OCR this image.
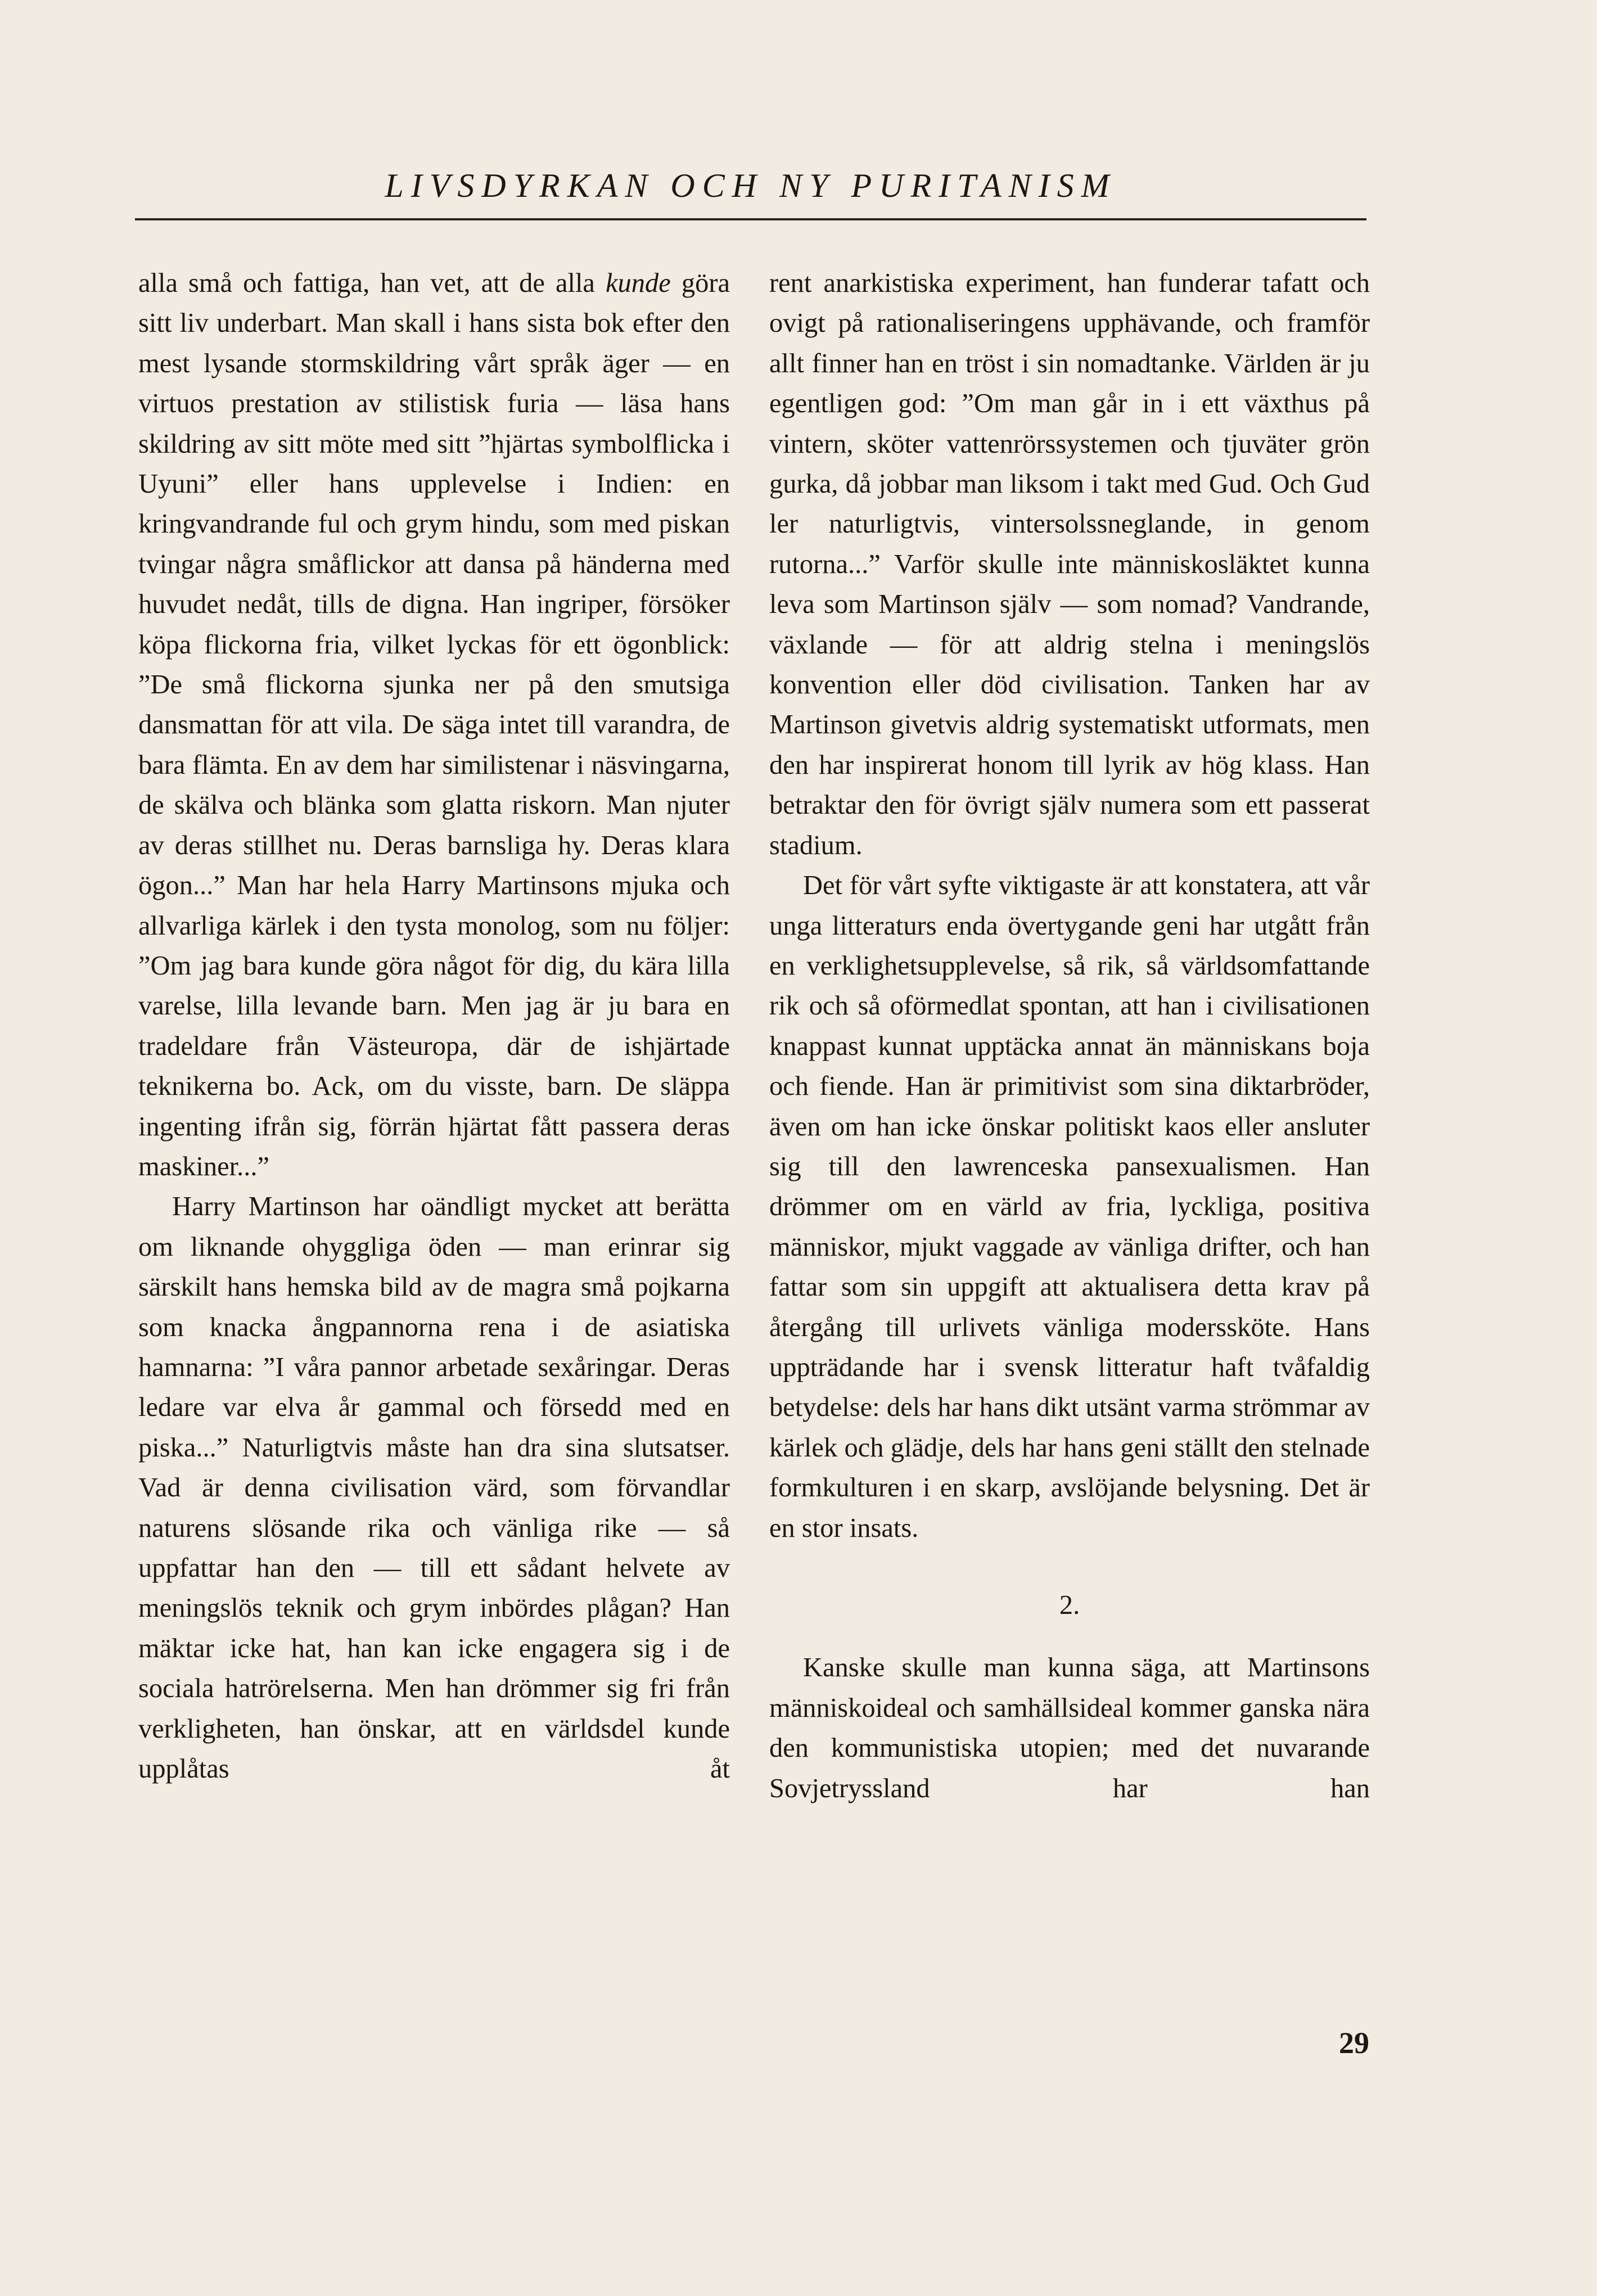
LIVSDYRKAN OCH NY PURITANISM

alla små och fattiga, han vet, att de alla kunde göra sitt liv underbart. Man skall i hans sista bok efter den mest lysande stormskildring vårt språk äger — en virtuos prestation av stilistisk furia — läsa hans skildring av sitt möte med sitt ”hjärtas symbolflicka i Uyuni” eller hans upplevelse i Indien: en kringvandrande ful och grym hindu, som med piskan tvingar några småflickor att dansa på händerna med huvudet nedåt, tills de digna. Han ingriper, försöker köpa flickorna fria, vilket lyckas för ett ögonblick: ”De små flickorna sjunka ner på den smutsiga dansmattan för att vila. De säga intet till varandra, de bara flämta. En av dem har similistenar i näsvingarna, de skälva och blänka som glatta riskorn. Man njuter av deras stillhet nu. Deras barnsliga hy. Deras klara ögon...” Man har hela Harry Martinsons mjuka och allvarliga kärlek i den tysta monolog, som nu följer: ”Om jag bara kunde göra något för dig, du kära lilla varelse, lilla levande barn. Men jag är ju bara en tradeldare från Västeuropa, där de ishjärtade teknikerna bo. Ack, om du visste, barn. De släppa ingenting ifrån sig, förrän hjärtat fått passera deras maskiner...”

Harry Martinson har oändligt mycket att berätta om liknande ohyggliga öden — man erinrar sig särskilt hans hemska bild av de magra små pojkarna som knacka ångpannorna rena i de asiatiska hamnarna: ”I våra pannor arbetade sexåringar. Deras ledare var elva år gammal och försedd med en piska...” Naturligtvis måste han dra sina slutsatser. Vad är denna civilisation värd, som förvandlar naturens slösande rika och vänliga rike — så uppfattar han den — till ett sådant helvete av meningslös teknik och grym inbördes plågan? Han mäktar icke hat, han kan icke engagera sig i de sociala hatrörelserna. Men han drömmer sig fri från verkligheten, han önskar, att en världsdel kunde upplåtas åt

rent anarkistiska experiment, han funderar tafatt och ovigt på rationaliseringens upphävande, och framför allt finner han en tröst i sin nomadtanke. Världen är ju egentligen god: ”Om man går in i ett växthus på vintern, sköter vattenrörssystemen och tjuväter grön gurka, då jobbar man liksom i takt med Gud. Och Gud ler naturligtvis, vintersolssneglande, in genom rutorna...” Varför skulle inte människosläktet kunna leva som Martinson själv — som nomad? Vandrande, växlande — för att aldrig stelna i meningslös konvention eller död civilisation. Tanken har av Martinson givetvis aldrig systematiskt utformats, men den har inspirerat honom till lyrik av hög klass. Han betraktar den för övrigt själv numera som ett passerat stadium.

Det för vårt syfte viktigaste är att konstatera, att vår unga litteraturs enda övertygande geni har utgått från en verklighetsupplevelse, så rik, så världsomfattande rik och så oförmedlat spontan, att han i civilisationen knappast kunnat upptäcka annat än människans boja och fiende. Han är primitivist som sina diktarbröder, även om han icke önskar politiskt kaos eller ansluter sig till den lawrenceska pansexualismen. Han drömmer om en värld av fria, lyckliga, positiva människor, mjukt vaggade av vänliga drifter, och han fattar som sin uppgift att aktualisera detta krav på återgång till urlivets vänliga moderssköte. Hans uppträdande har i svensk litteratur haft tvåfaldig betydelse: dels har hans dikt utsänt varma strömmar av kärlek och glädje, dels har hans geni ställt den stelnade formkulturen i en skarp, avslöjande belysning. Det är en stor insats.

2.

Kanske skulle man kunna säga, att Martinsons människoideal och samhällsideal kommer ganska nära den kommunistiska utopien; med det nuvarande Sovjetryssland har han

29
